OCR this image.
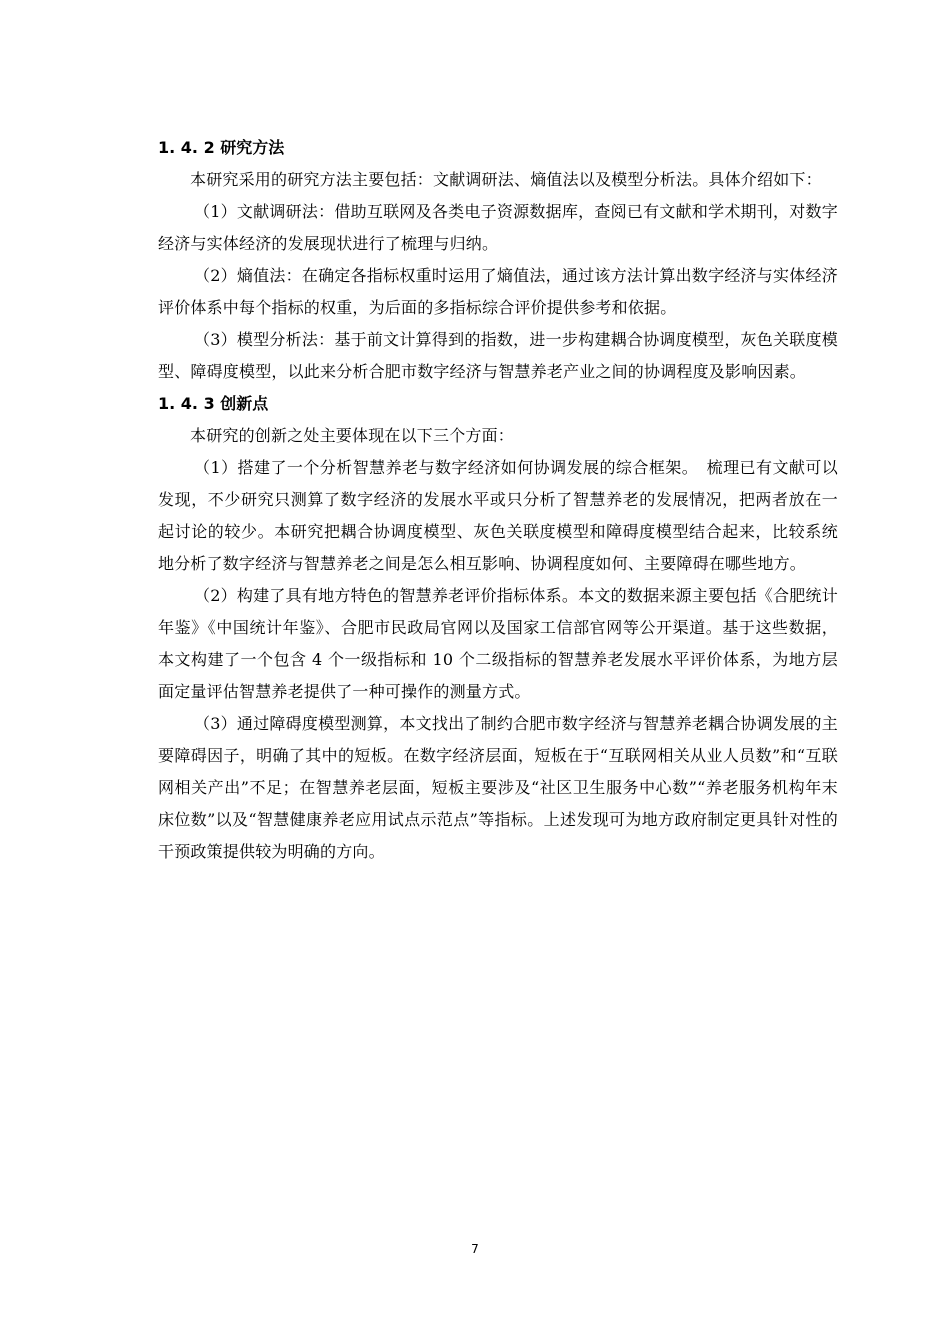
1. 4. 2 研究方法

本研究采用的研究方法主要包括：文献调研法、熵值法以及模型分析法。具体介绍如下：

（1）文献调研法：借助互联网及各类电子资源数据库，查阅已有文献和学术期刊，对数字经济与实体经济的发展现状进行了梳理与归纳。

（2）熵值法：在确定各指标权重时运用了熵值法，通过该方法计算出数字经济与实体经济评价体系中每个指标的权重，为后面的多指标综合评价提供参考和依据。

（3）模型分析法：基于前文计算得到的指数，进一步构建耦合协调度模型，灰色关联度模型、障碍度模型，以此来分析合肥市数字经济与智慧养老产业之间的协调程度及影响因素。

1. 4. 3 创新点

本研究的创新之处主要体现在以下三个方面：

（1）搭建了一个分析智慧养老与数字经济如何协调发展的综合框架。　梳理已有文献可以发现，不少研究只测算了数字经济的发展水平或只分析了智慧养老的发展情况，把两者放在一起讨论的较少。本研究把耦合协调度模型、灰色关联度模型和障碍度模型结合起来，比较系统地分析了数字经济与智慧养老之间是怎么相互影响、协调程度如何、主要障碍在哪些地方。

（2）构建了具有地方特色的智慧养老评价指标体系。本文的数据来源主要包括《合肥统计年鉴》《中国统计年鉴》、合肥市民政局官网以及国家工信部官网等公开渠道。基于这些数据，本文构建了一个包含 4 个一级指标和 10 个二级指标的智慧养老发展水平评价体系，为地方层面定量评估智慧养老提供了一种可操作的测量方式。

（3）通过障碍度模型测算，本文找出了制约合肥市数字经济与智慧养老耦合协调发展的主要障碍因子，明确了其中的短板。在数字经济层面，短板在于“互联网相关从业人员数”和“互联网相关产出”不足；在智慧养老层面，短板主要涉及“社区卫生服务中心数”“养老服务机构年末床位数”以及“智慧健康养老应用试点示范点”等指标。上述发现可为地方政府制定更具针对性的干预政策提供较为明确的方向。

7
